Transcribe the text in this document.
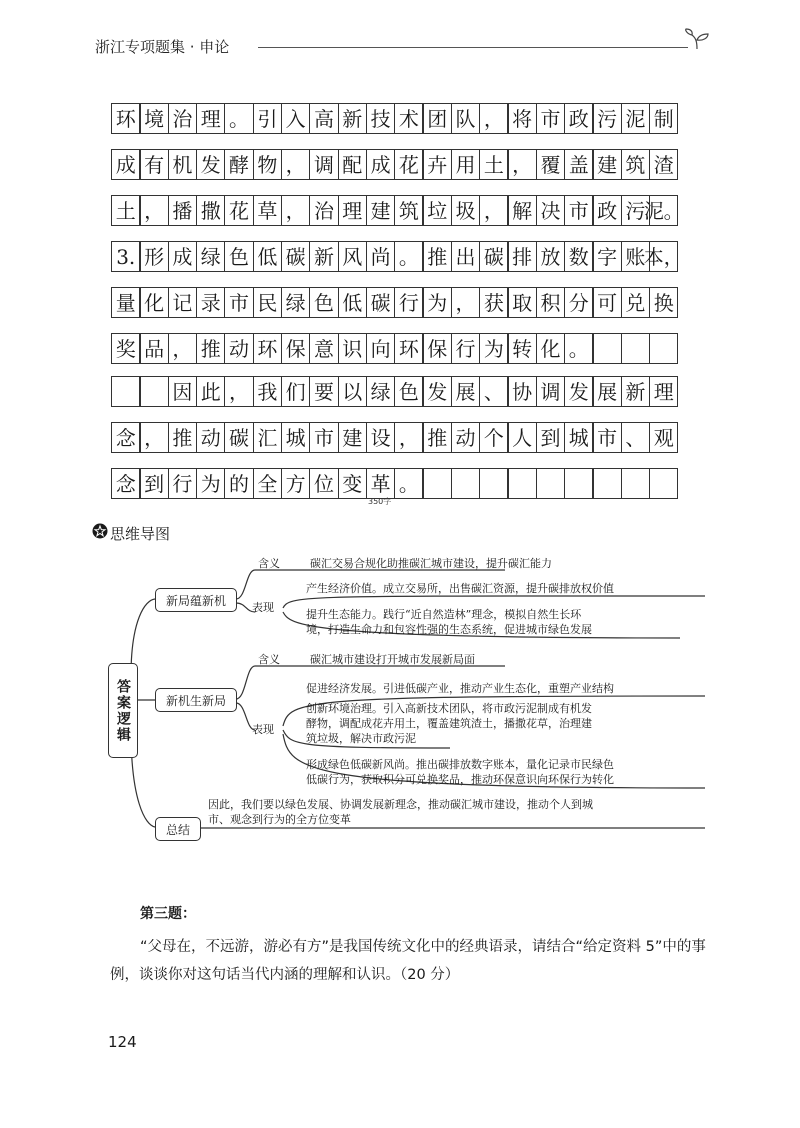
浙江专项题集 · 申论
环 境 治 理 。 引 入 高 新 技 术 团 队 ， 将 市 政 污 泥 制
成 有 机 发 酵 物 ， 调 配 成 花 卉 用 土 ， 覆 盖 建 筑 渣
土 ， 播 撒 花 草 ， 治 理 建 筑 垃 圾 ， 解 决 市 政 污
泥。
3. 形 成 绿 色 低 碳 新 风 尚 。 推 出 碳 排 放 数 字 账
本，
量 化 记 录 市 民 绿 色 低 碳 行 为 ， 获 取 积 分 可 兑 换
奖 品 ， 推 动 环 保 意 识 向 环 保 行 为 转 化 。
因 此 ， 我 们 要 以 绿 色 发 展 、 协 调 发 展 新 理
念 ， 推 动 碳 汇 城 市 建 设 ， 推 动 个 人 到 城 市 、 观
念 到 行 为 的 全 方 位 变 革 。
350字
思维导图
答案逻辑
新局蕴新机
新机生新局
总结
含义	碳汇交易合规化助推碳汇城市建设，提升碳汇能力
表现
产生经济价值。成立交易所，出售碳汇资源，提升碳排放权价值
提升生态能力。践行“近自然造林”理念，模拟自然生长环
境，打造生命力和包容性强的生态系统，促进城市绿色发展
含义	碳汇城市建设打开城市发展新局面
表现
促进经济发展。引进低碳产业，推动产业生态化，重塑产业结构
创新环境治理。引入高新技术团队，将市政污泥制成有机发
酵物，调配成花卉用土，覆盖建筑渣土，播撒花草，治理建
筑垃圾，解决市政污泥
形成绿色低碳新风尚。推出碳排放数字账本，量化记录市民绿色
低碳行为，获取积分可兑换奖品，推动环保意识向环保行为转化
因此，我们要以绿色发展、协调发展新理念，推动碳汇城市建设，推动个人到城
市、观念到行为的全方位变革
第三题：
“父母在，不远游，游必有方”是我国传统文化中的经典语录，请结合“给定资料 5”中的事例，谈谈你对这句话当代内涵的理解和认识。（20 分）
124
